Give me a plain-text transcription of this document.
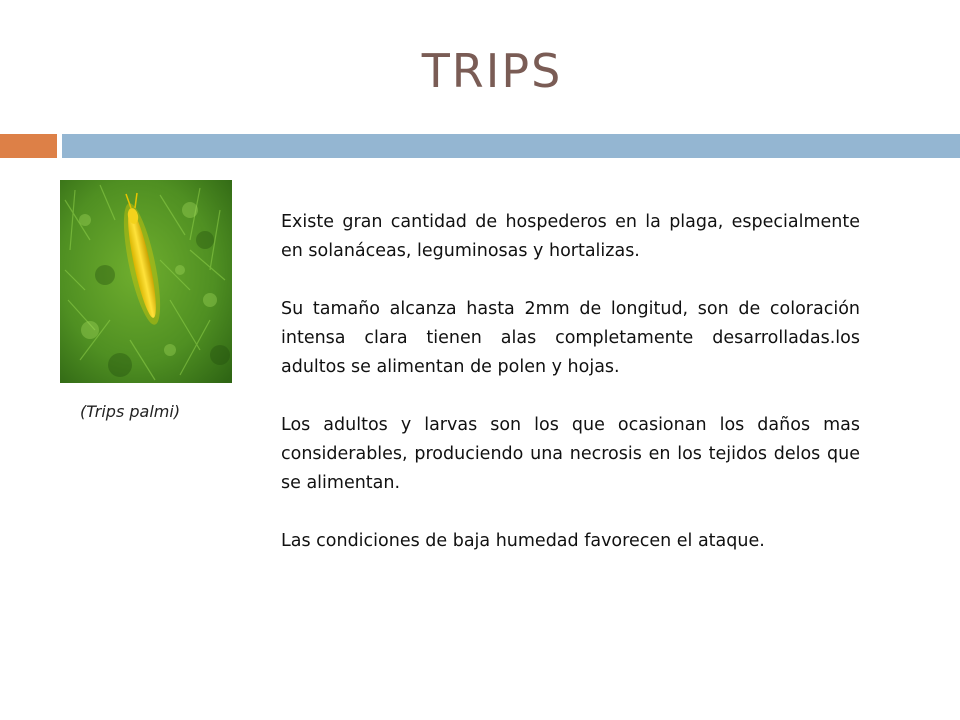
TRIPS
(Trips palmi)

Existe gran cantidad de hospederos en la plaga, especialmente en solanáceas, leguminosas y hortalizas.

Su tamaño alcanza hasta 2mm de longitud, son de coloración intensa clara tienen alas completamente desarrolladas.los adultos se alimentan de polen y hojas.

Los adultos y larvas son los que ocasionan los daños mas considerables, produciendo una necrosis en los tejidos delos que se alimentan.

Las condiciones de baja humedad favorecen el ataque.
